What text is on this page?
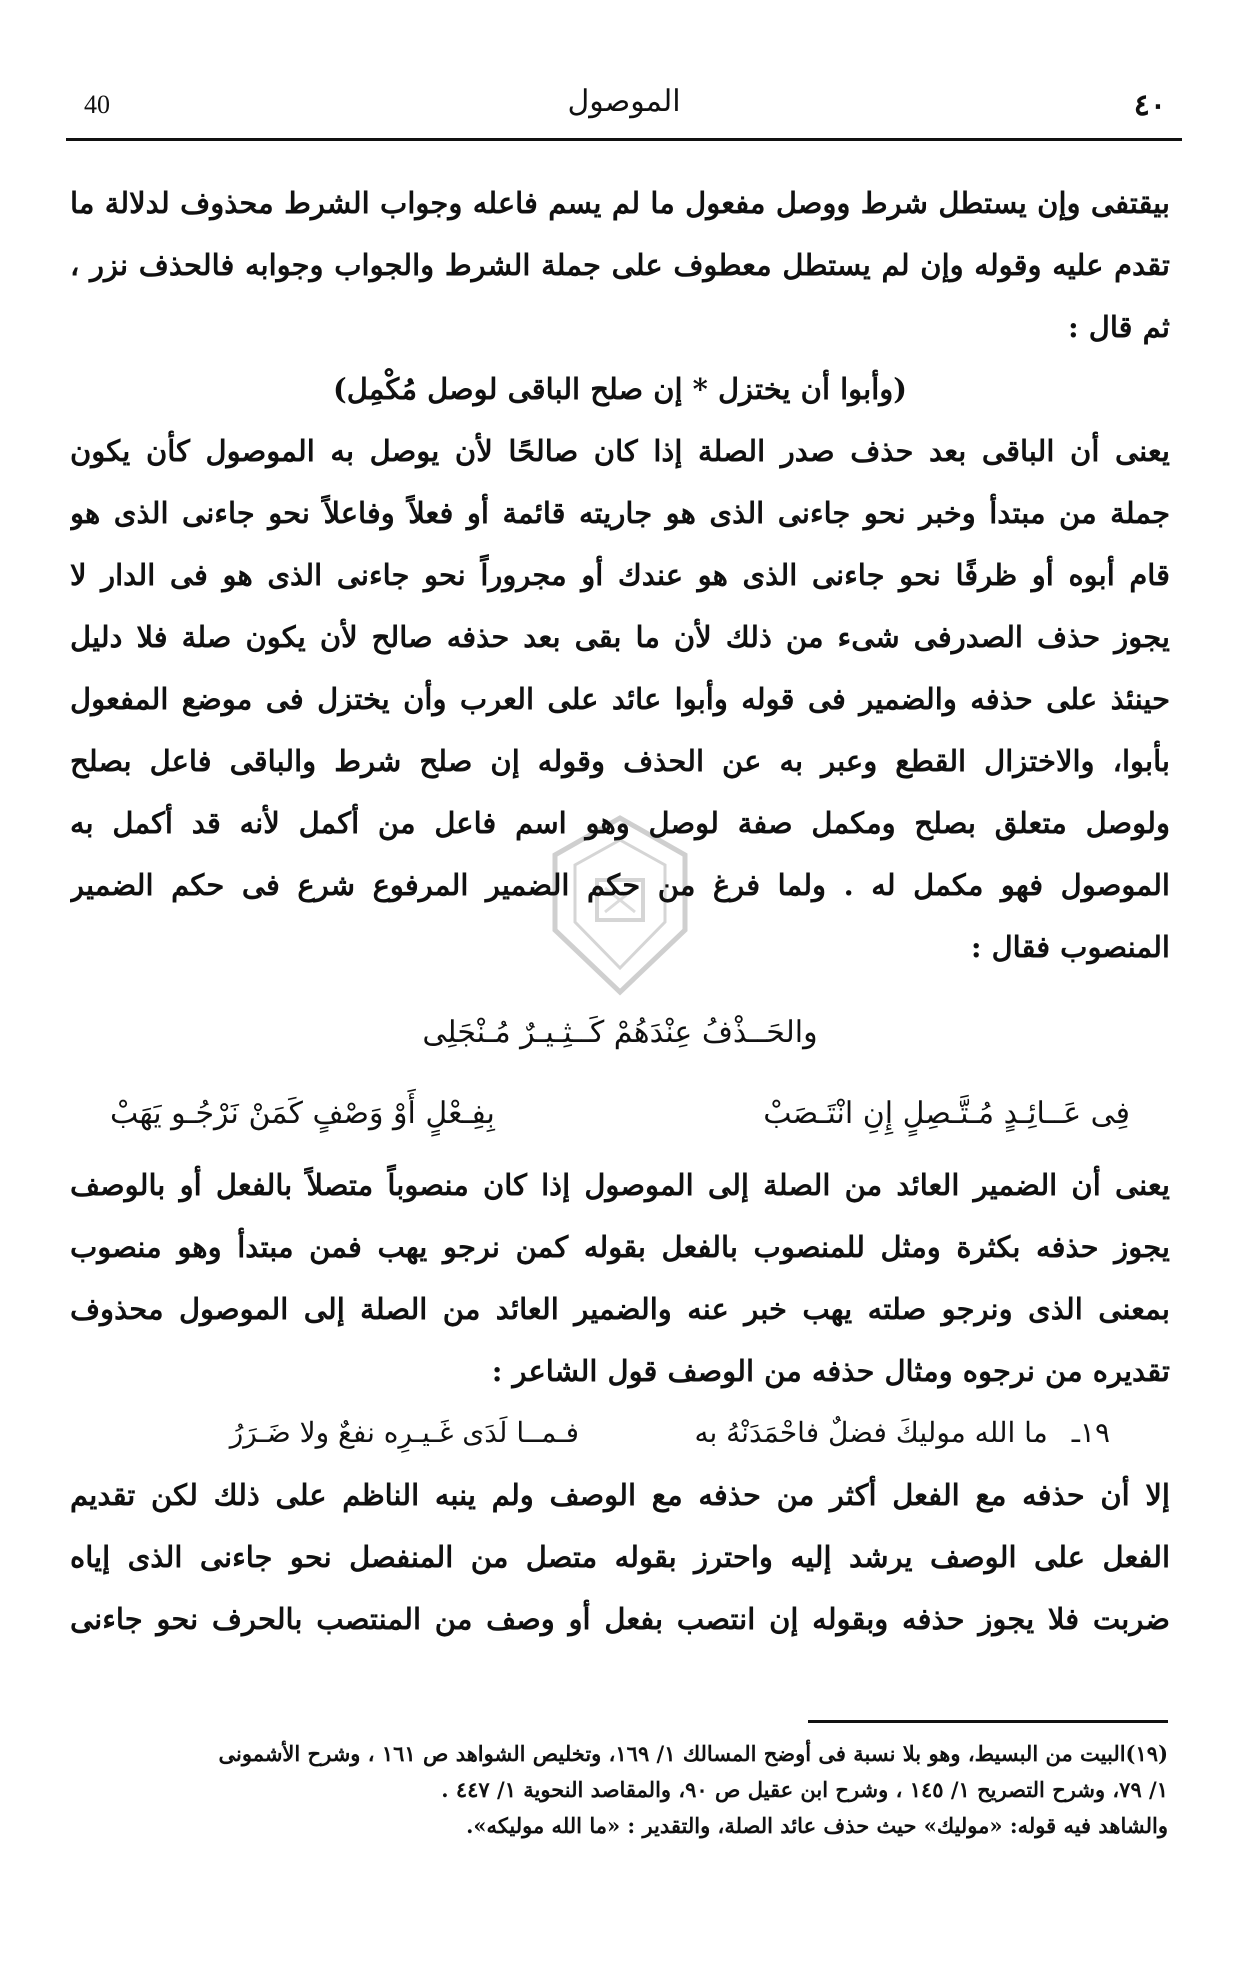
٤٠
الموصول
40
بيقتفى وإن يستطل شرط ووصل مفعول ما لم يسم فاعله وجواب الشرط محذوف لدلالة ما
تقدم عليه وقوله وإن لم يستطل معطوف على جملة الشرط والجواب وجوابه فالحذف نزر ،
ثم قال :
(وأبوا أن يختزل * إن صلح الباقى لوصل مُكْمِل)
يعنى أن الباقى بعد حذف صدر الصلة إذا كان صالحًا لأن يوصل به الموصول كأن يكون
جملة من مبتدأ وخبر نحو جاءنى الذى هو جاريته قائمة أو فعلاً وفاعلاً نحو جاءنى الذى هو
قام أبوه أو ظرفًا نحو جاءنى الذى هو عندك أو مجروراً نحو جاءنى الذى هو فى الدار لا
يجوز حذف الصدرفى شىء من ذلك لأن ما بقى بعد حذفه صالح لأن يكون صلة فلا دليل
حينئذ على حذفه والضمير فى قوله وأبوا عائد على العرب وأن يختزل فى موضع المفعول
بأبوا، والاختزال القطع وعبر به عن الحذف وقوله إن صلح شرط والباقى فاعل بصلح
ولوصل متعلق بصلح ومكمل صفة لوصل وهو اسم فاعل من أكمل لأنه قد أكمل به
الموصول فهو مكمل له . ولما فرغ من حكم الضمير المرفوع شرع فى حكم الضمير
المنصوب فقال :
والحَــذْفُ عِنْدَهُمْ كَــثِـيـرٌ مُـنْجَلِى
فِى عَــائِـدٍ مُـتَّـصِلٍ إِنِ انْتَـصَبْ
بِفِـعْلٍ أَوْ وَصْفٍ كَمَنْ نَرْجُـو يَهَبْ
يعنى أن الضمير العائد من الصلة إلى الموصول إذا كان منصوباً متصلاً بالفعل أو بالوصف
يجوز حذفه بكثرة ومثل للمنصوب بالفعل بقوله كمن نرجو يهب فمن مبتدأ وهو منصوب
بمعنى الذى ونرجو صلته يهب خبر عنه والضمير العائد من الصلة إلى الموصول محذوف
تقديره من نرجوه ومثال حذفه من الوصف قول الشاعر :
١٩ـ
ما الله موليكَ فضلٌ فاحْمَدَنْهُ به
فـمــا لَدَى غَـيـرِه نفعٌ ولا ضَـرَرُ
إلا أن حذفه مع الفعل أكثر من حذفه مع الوصف ولم ينبه الناظم على ذلك لكن تقديم
الفعل على الوصف يرشد إليه واحترز بقوله متصل من المنفصل نحو جاءنى الذى إياه
ضربت فلا يجوز حذفه وبقوله إن انتصب بفعل أو وصف من المنتصب بالحرف نحو جاءنى
(١٩)البيت من البسيط، وهو بلا نسبة فى أوضح المسالك ١/ ١٦٩، وتخليص الشواهد ص ١٦١ ، وشرح الأشمونى
١/ ٧٩، وشرح التصريح ١/ ١٤٥ ، وشرح ابن عقيل ص ٩٠، والمقاصد النحوية ١/ ٤٤٧ .
والشاهد فيه قوله: «موليك» حيث حذف عائد الصلة، والتقدير : «ما الله موليكه».
